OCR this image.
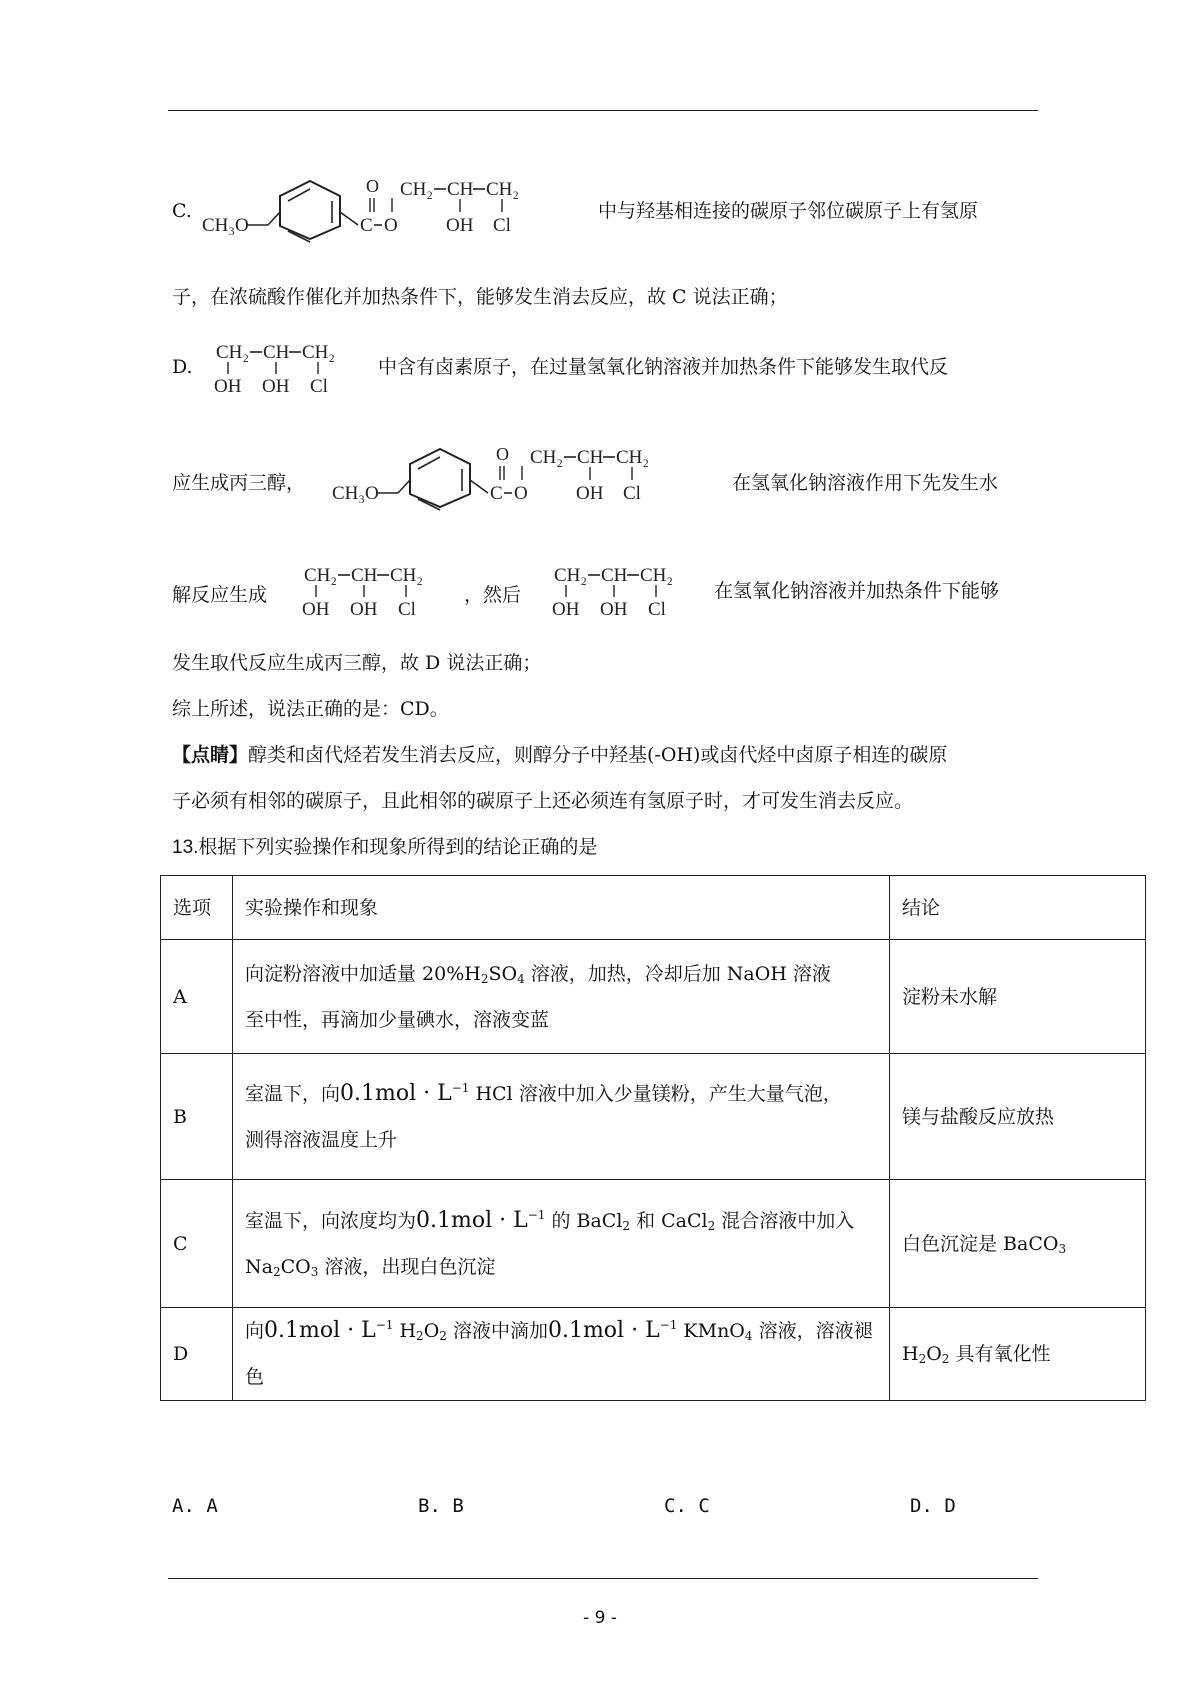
C.
CH₃O	C
O
O
CH₂ CH CH₂
OH Cl
中与羟基相连接的碳原子邻位碳原子上有氢原
子，在浓硫酸作催化并加热条件下，能够发生消去反应，故 C 说法正确；
D.
CH₂ CH CH₂
OH OH Cl
中含有卤素原子，在过量氢氧化钠溶液并加热条件下能够发生取代反
应生成丙三醇， CH₃O	C
O
O
CH₂ CH CH₂
OH Cl	在氢氧化钠溶液作用下先发生水
解反应生成
CH₂ CH CH₂
OH OH Cl
，然后
CH₂ CH CH₂
OH OH Cl
在氢氧化钠溶液并加热条件下能够
发生取代反应生成丙三醇，故 D 说法正确；
综上所述，说法正确的是：CD。
【点睛】醇类和卤代烃若发生消去反应，则醇分子中羟基(-OH)或卤代烃中卤原子相连的碳原
子必须有相邻的碳原子，且此相邻的碳原子上还必须连有氢原子时，才可发生消去反应。
13.根据下列实验操作和现象所得到的结论正确的是
选项	实验操作和现象	结论
A	向淀粉溶液中加适量 $20\%H_2SO_4$ 溶液，加热，冷却后加 NaOH 溶液
至中性，再滴加少量碘水，溶液变蓝	淀粉未水解
B	室温下，向$0.1mol \cdot L^{-1}$ HCl 溶液中加入少量镁粉，产生大量气泡，
测得溶液温度上升	镁与盐酸反应放热
C	室温下，向浓度均为$0.1mol \cdot L^{-1}$ 的 BaCl$_2$ 和 CaCl$_2$ 混合溶液中加入
$Na_2CO_3$ 溶液，出现白色沉淀	白色沉淀是 BaCO$_3$
D	向$0.1mol \cdot L^{-1}$ $H_2O_2$ 溶液中滴加$0.1mol \cdot L^{-1}$ KMnO$_4$ 溶液，溶液褪色	$H_2O_2$ 具有氧化性
A. A	B. B	C. C	D. D
- 9 -
